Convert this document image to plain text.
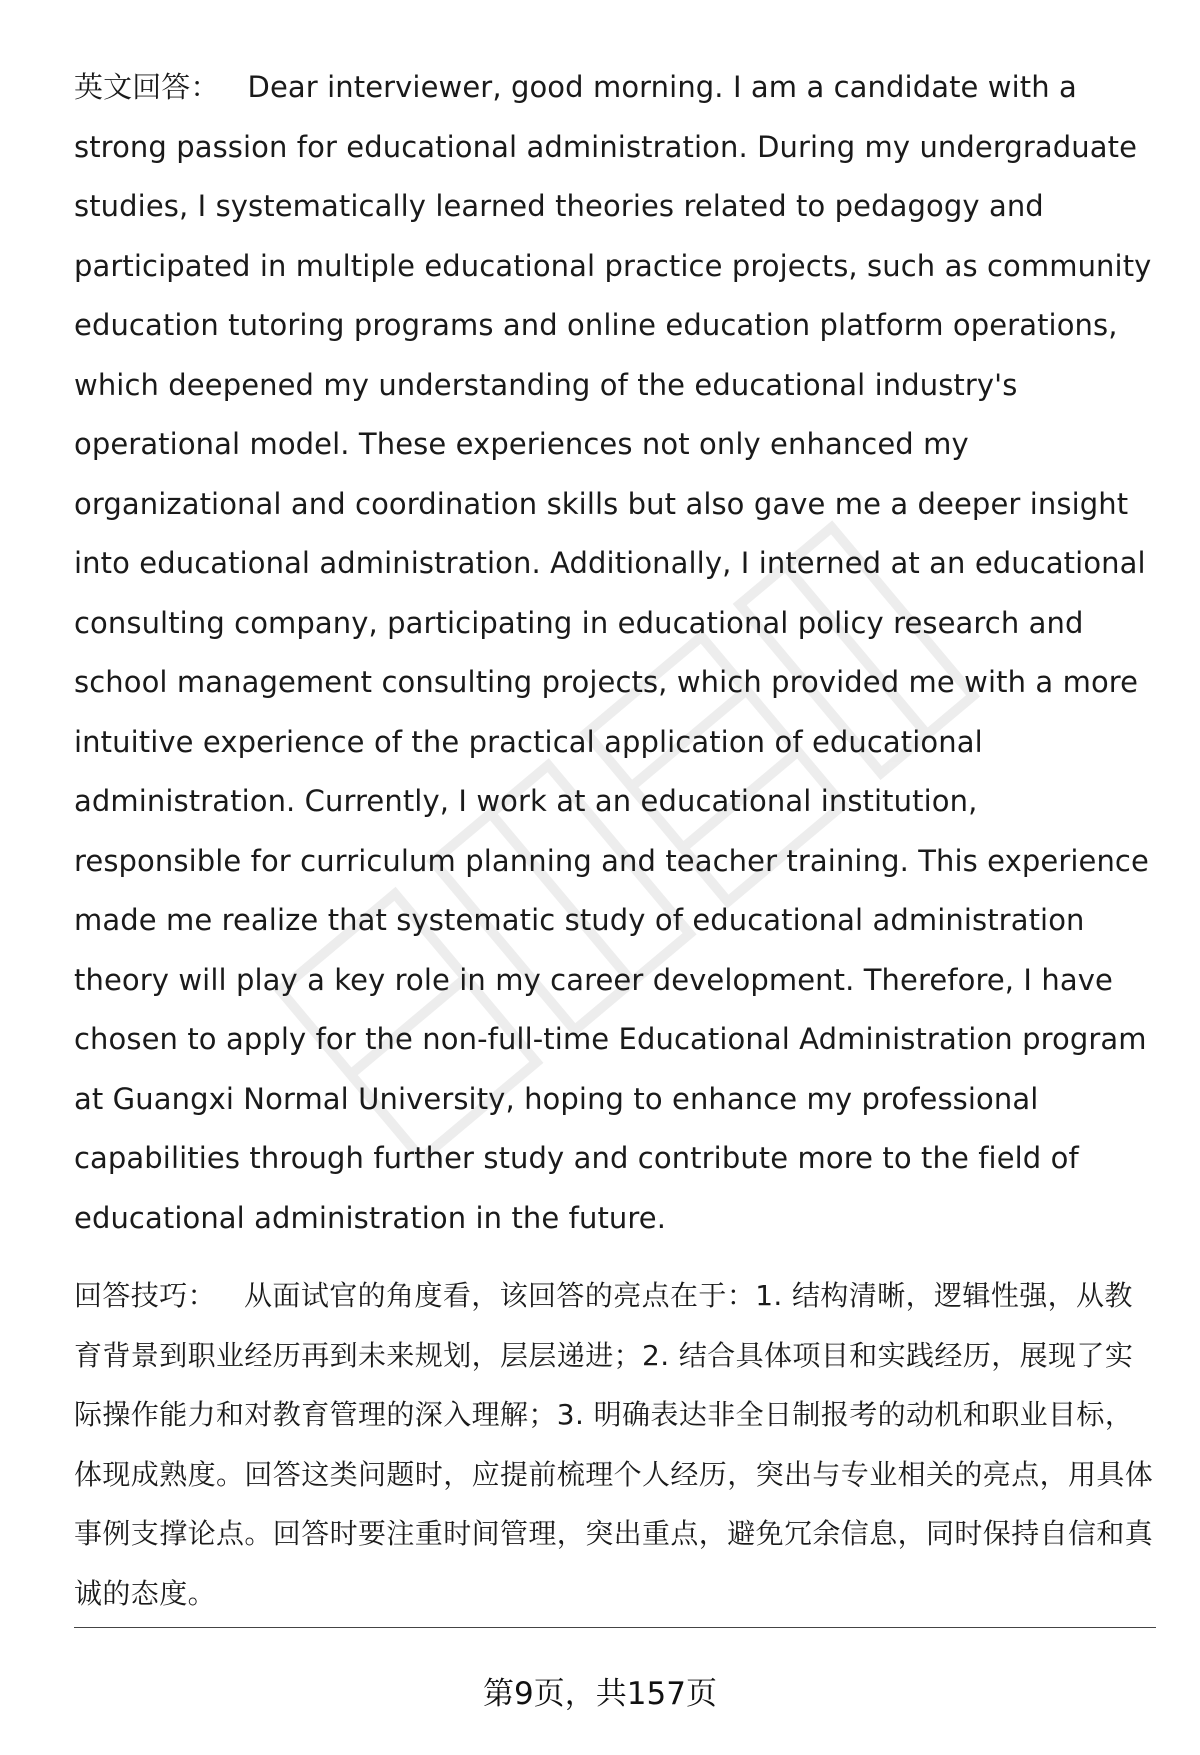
英文回答： Dear interviewer, good morning. I am a candidate with a strong passion for educational administration. During my undergraduate studies, I systematically learned theories related to pedagogy and participated in multiple educational practice projects, such as community education tutoring programs and online education platform operations, which deepened my understanding of the educational industry's operational model. These experiences not only enhanced my organizational and coordination skills but also gave me a deeper insight into educational administration. Additionally, I interned at an educational consulting company, participating in educational policy research and school management consulting projects, which provided me with a more intuitive experience of the practical application of educational administration. Currently, I work at an educational institution, responsible for curriculum planning and teacher training. This experience made me realize that systematic study of educational administration theory will play a key role in my career development. Therefore, I have chosen to apply for the non-full-time Educational Administration program at Guangxi Normal University, hoping to enhance my professional capabilities through further study and contribute more to the field of educational administration in the future.

回答技巧： 从面试官的角度看，该回答的亮点在于：1. 结构清晰，逻辑性强，从教育背景到职业经历再到未来规划，层层递进；2. 结合具体项目和实践经历，展现了实际操作能力和对教育管理的深入理解；3. 明确表达非全日制报考的动机和职业目标，体现成熟度。回答这类问题时，应提前梳理个人经历，突出与专业相关的亮点，用具体事例支撑论点。回答时要注重时间管理，突出重点，避免冗余信息，同时保持自信和真诚的态度。

第9页，共157页
